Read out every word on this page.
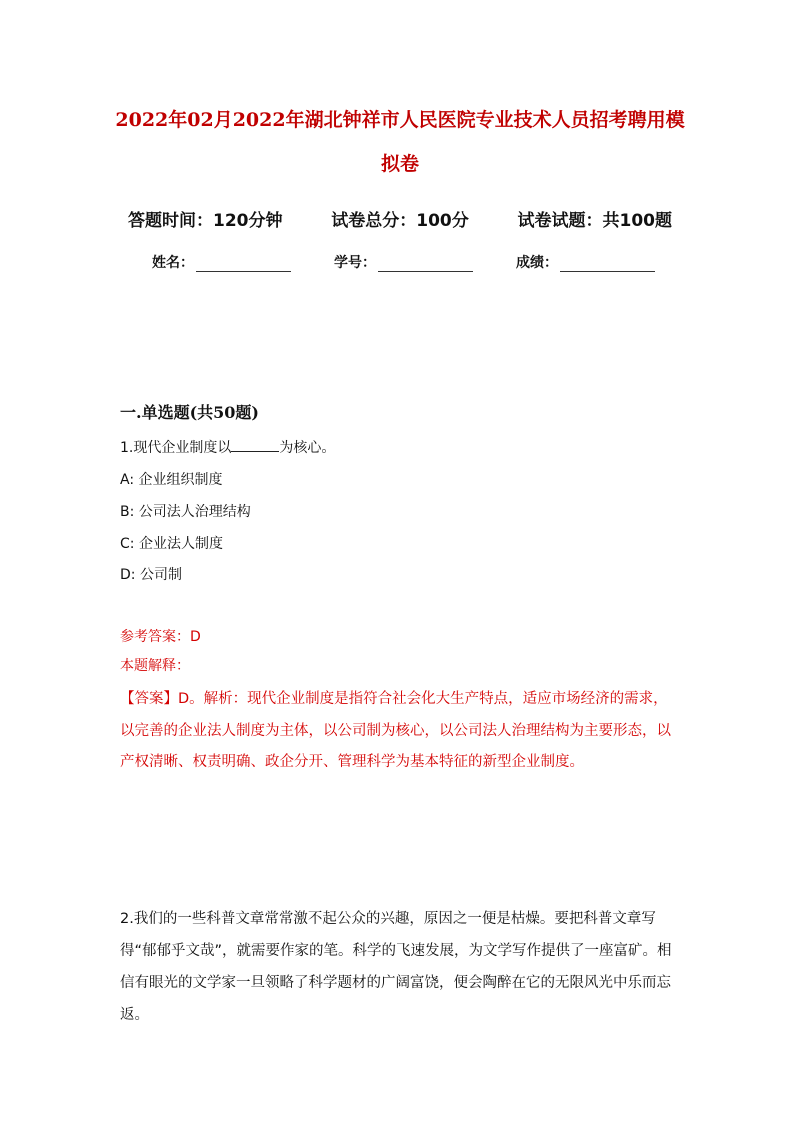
2022年02月2022年湖北钟祥市人民医院专业技术人员招考聘用模
拟卷
答题时间：120分钟	试卷总分：100分	试卷试题：共100题
姓名：	学号：	成绩：
一.单选题(共50题)
1.现代企业制度以	为核心。
A: 企业组织制度
B: 公司法人治理结构
C: 企业法人制度
D: 公司制
参考答案：D
本题解释：
【答案】D。解析：现代企业制度是指符合社会化大生产特点，适应市场经济的需求，以完善的企业法人制度为主体，以公司制为核心，以公司法人治理结构为主要形态，以产权清晰、权责明确、政企分开、管理科学为基本特征的新型企业制度。
2.我们的一些科普文章常常激不起公众的兴趣，原因之一便是枯燥。要把科普文章写得“郁郁乎文哉”，就需要作家的笔。科学的飞速发展，为文学写作提供了一座富矿。相信有眼光的文学家一旦领略了科学题材的广阔富饶，便会陶醉在它的无限风光中乐而忘返。
